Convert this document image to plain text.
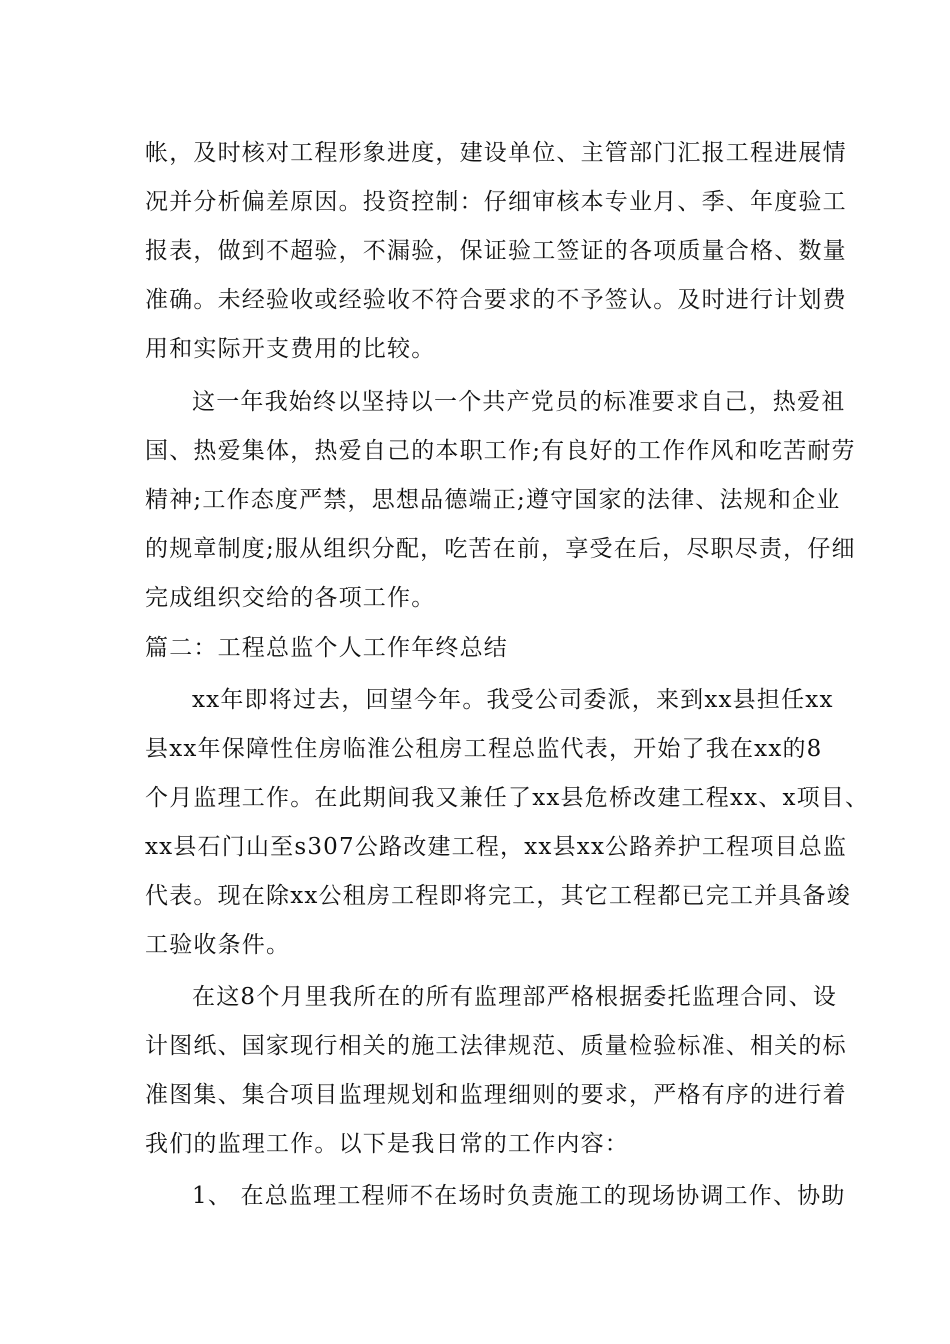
帐，及时核对工程形象进度，建设单位、主管部门汇报工程进展情
况并分析偏差原因。投资控制：仔细审核本专业月、季、年度验工
报表，做到不超验，不漏验，保证验工签证的各项质量合格、数量
准确。未经验收或经验收不符合要求的不予签认。及时进行计划费
用和实际开支费用的比较。
这一年我始终以坚持以一个共产党员的标准要求自己，热爱祖
国、热爱集体，热爱自己的本职工作;有良好的工作作风和吃苦耐劳
精神;工作态度严禁，思想品德端正;遵守国家的法律、法规和企业
的规章制度;服从组织分配，吃苦在前，享受在后，尽职尽责，仔细
完成组织交给的各项工作。
篇二：工程总监个人工作年终总结
xx年即将过去，回望今年。我受公司委派，来到xx县担任xx
县xx年保障性住房临淮公租房工程总监代表，开始了我在xx的8
个月监理工作。在此期间我又兼任了xx县危桥改建工程xx、x项目、
xx县石门山至s307公路改建工程，xx县xx公路养护工程项目总监
代表。现在除xx公租房工程即将完工，其它工程都已完工并具备竣
工验收条件。
在这8个月里我所在的所有监理部严格根据委托监理合同、设
计图纸、国家现行相关的施工法律规范、质量检验标准、相关的标
准图集、集合项目监理规划和监理细则的要求，严格有序的进行着
我们的监理工作。以下是我日常的工作内容：
1、 在总监理工程师不在场时负责施工的现场协调工作、协助
